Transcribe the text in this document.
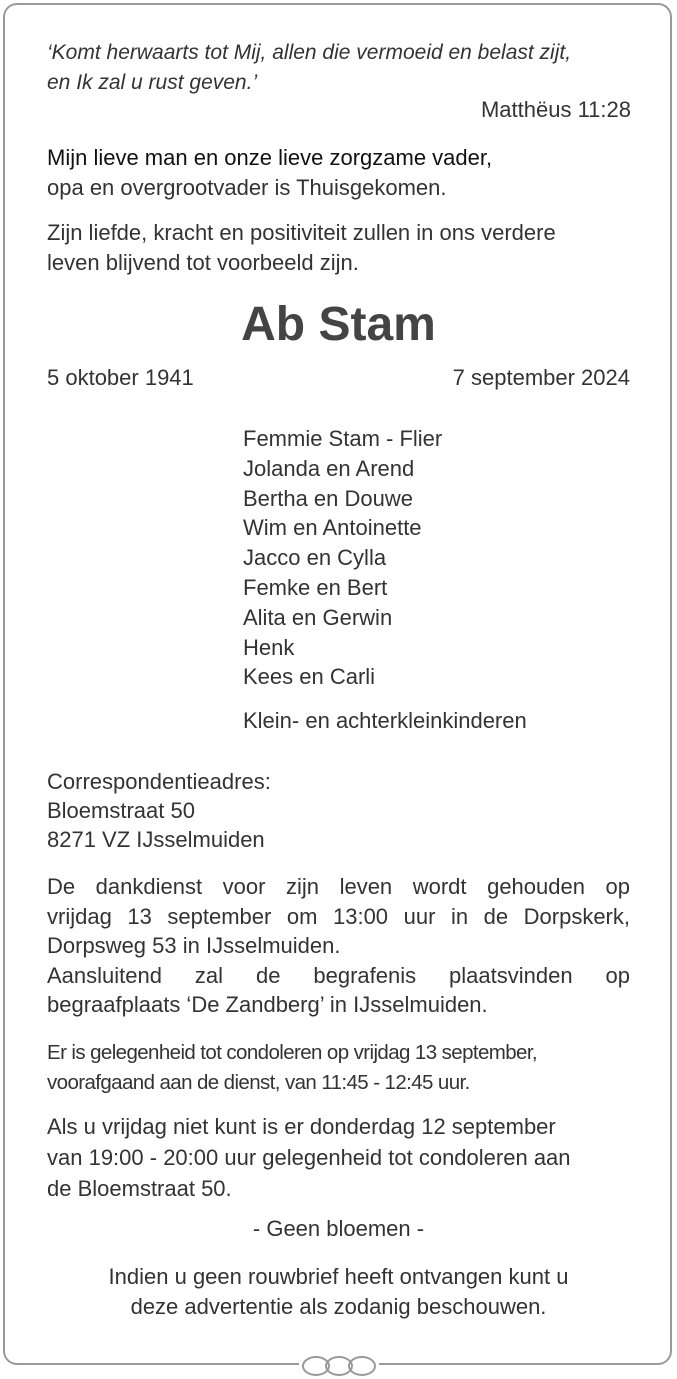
‘Komt herwaarts tot Mij, allen die vermoeid en belast zijt,
en Ik zal u rust geven.’
Matthëus 11:28
Mijn lieve man en onze lieve zorgzame vader,
opa en overgrootvader is Thuisgekomen.
Zijn liefde, kracht en positiviteit zullen in ons verdere
leven blijvend tot voorbeeld zijn.
Ab Stam
5 oktober 1941	7 september 2024
Femmie Stam - Flier
Jolanda en Arend
Bertha en Douwe
Wim en Antoinette
Jacco en Cylla
Femke en Bert
Alita en Gerwin
Henk
Kees en Carli
Klein- en achterkleinkinderen
Correspondentieadres:
Bloemstraat 50
8271 VZ IJsselmuiden
De dankdienst voor zijn leven wordt gehouden op
vrijdag 13 september om 13:00 uur in de Dorpskerk,
Dorpsweg 53 in IJsselmuiden.
Aansluitend zal de begrafenis plaatsvinden op
begraafplaats ‘De Zandberg’ in IJsselmuiden.
Er is gelegenheid tot condoleren op vrijdag 13 september,
voorafgaand aan de dienst, van 11:45 - 12:45 uur.
Als u vrijdag niet kunt is er donderdag 12 september
van 19:00 - 20:00 uur gelegenheid tot condoleren aan
de Bloemstraat 50.
- Geen bloemen -
Indien u geen rouwbrief heeft ontvangen kunt u
deze advertentie als zodanig beschouwen.
